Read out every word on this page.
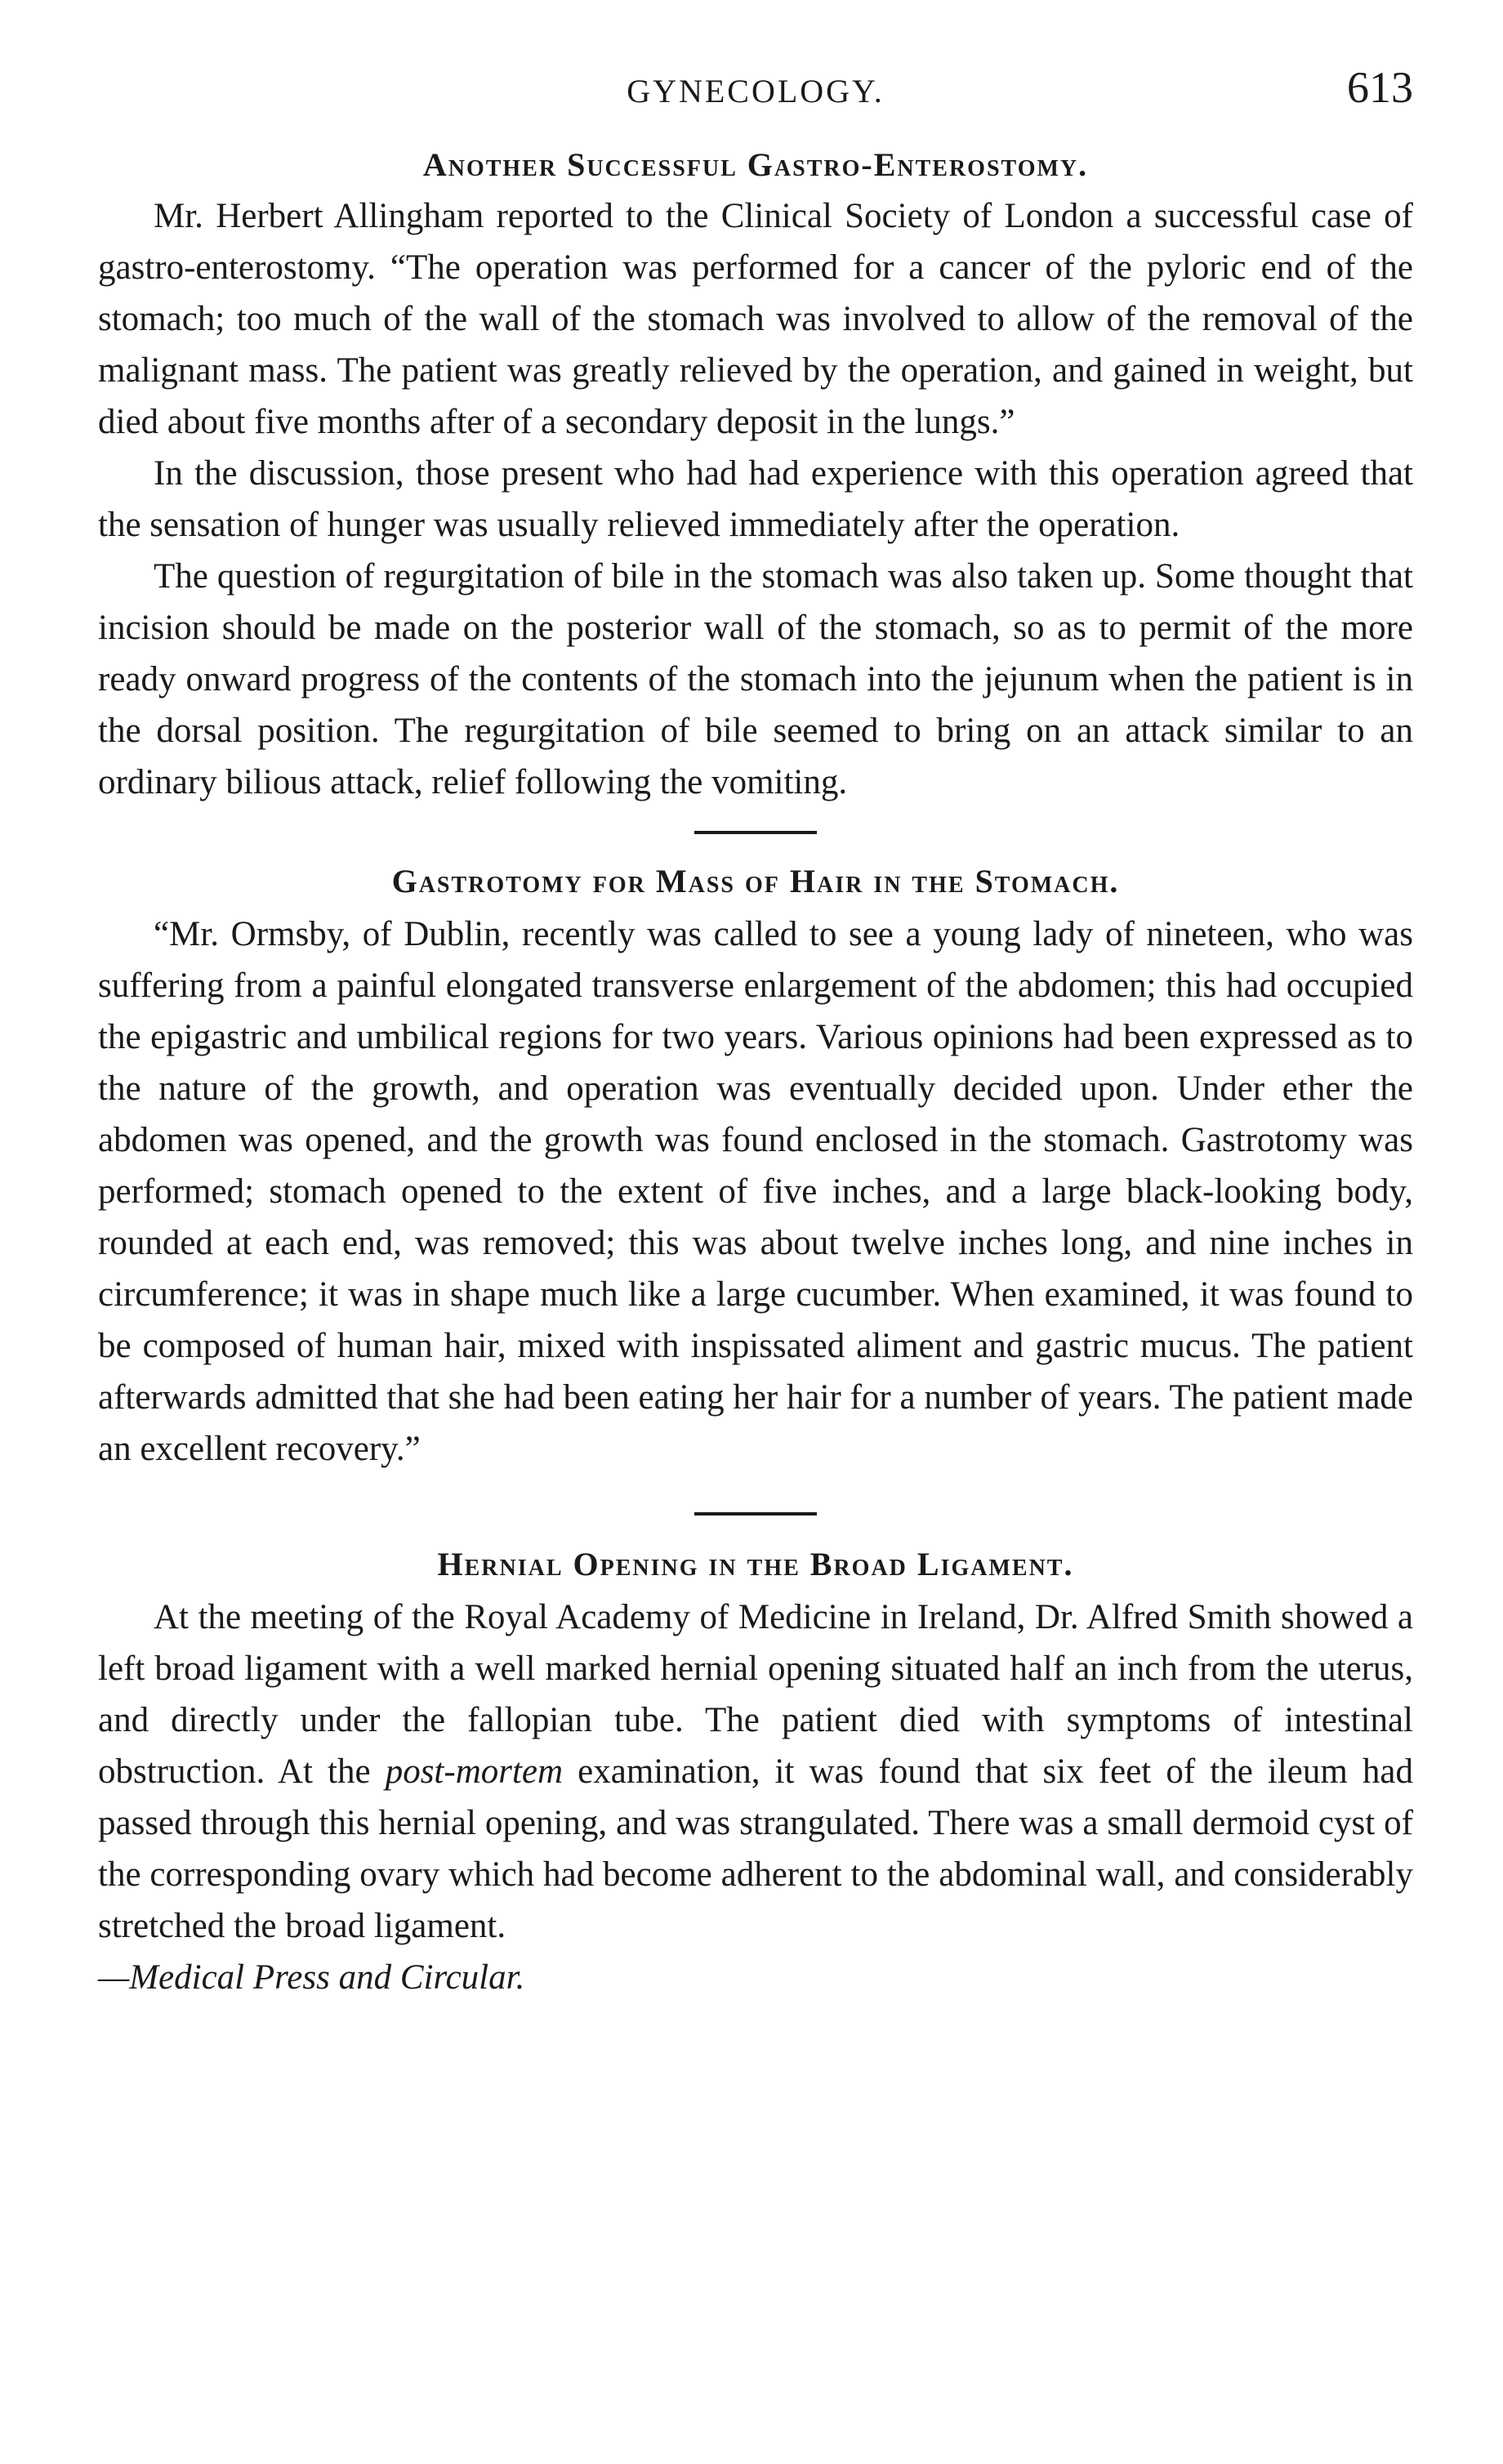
GYNECOLOGY.	613
Another Successful Gastro-Enterostomy.

Mr. Herbert Allingham reported to the Clinical Society of London a successful case of gastro-enterostomy. “The operation was performed for a cancer of the pyloric end of the stomach; too much of the wall of the stomach was involved to allow of the removal of the malignant mass. The patient was greatly relieved by the operation, and gained in weight, but died about five months after of a secondary deposit in the lungs.”

In the discussion, those present who had had experience with this operation agreed that the sensation of hunger was usually relieved immediately after the operation.

The question of regurgitation of bile in the stomach was also taken up. Some thought that incision should be made on the posterior wall of the stomach, so as to permit of the more ready onward progress of the contents of the stomach into the jejunum when the patient is in the dorsal position. The regurgitation of bile seemed to bring on an attack similar to an ordinary bilious attack, relief following the vomiting.

Gastrotomy for Mass of Hair in the Stomach.

“Mr. Ormsby, of Dublin, recently was called to see a young lady of nineteen, who was suffering from a painful elongated transverse enlargement of the abdomen; this had occupied the epigastric and umbilical regions for two years. Various opinions had been expressed as to the nature of the growth, and operation was eventually decided upon. Under ether the abdomen was opened, and the growth was found enclosed in the stomach. Gastrotomy was performed; stomach opened to the extent of five inches, and a large black-looking body, rounded at each end, was removed; this was about twelve inches long, and nine inches in circumference; it was in shape much like a large cucumber. When examined, it was found to be composed of human hair, mixed with inspissated aliment and gastric mucus. The patient afterwards admitted that she had been eating her hair for a number of years. The patient made an excellent recovery.”

Hernial Opening in the Broad Ligament.

At the meeting of the Royal Academy of Medicine in Ireland, Dr. Alfred Smith showed a left broad ligament with a well marked hernial opening situated half an inch from the uterus, and directly under the fallopian tube. The patient died with symptoms of intestinal obstruction. At the post-mortem examination, it was found that six feet of the ileum had passed through this hernial opening, and was strangulated. There was a small dermoid cyst of the corresponding ovary which had become adherent to the abdominal wall, and considerably stretched the broad ligament.

—Medical Press and Circular.
